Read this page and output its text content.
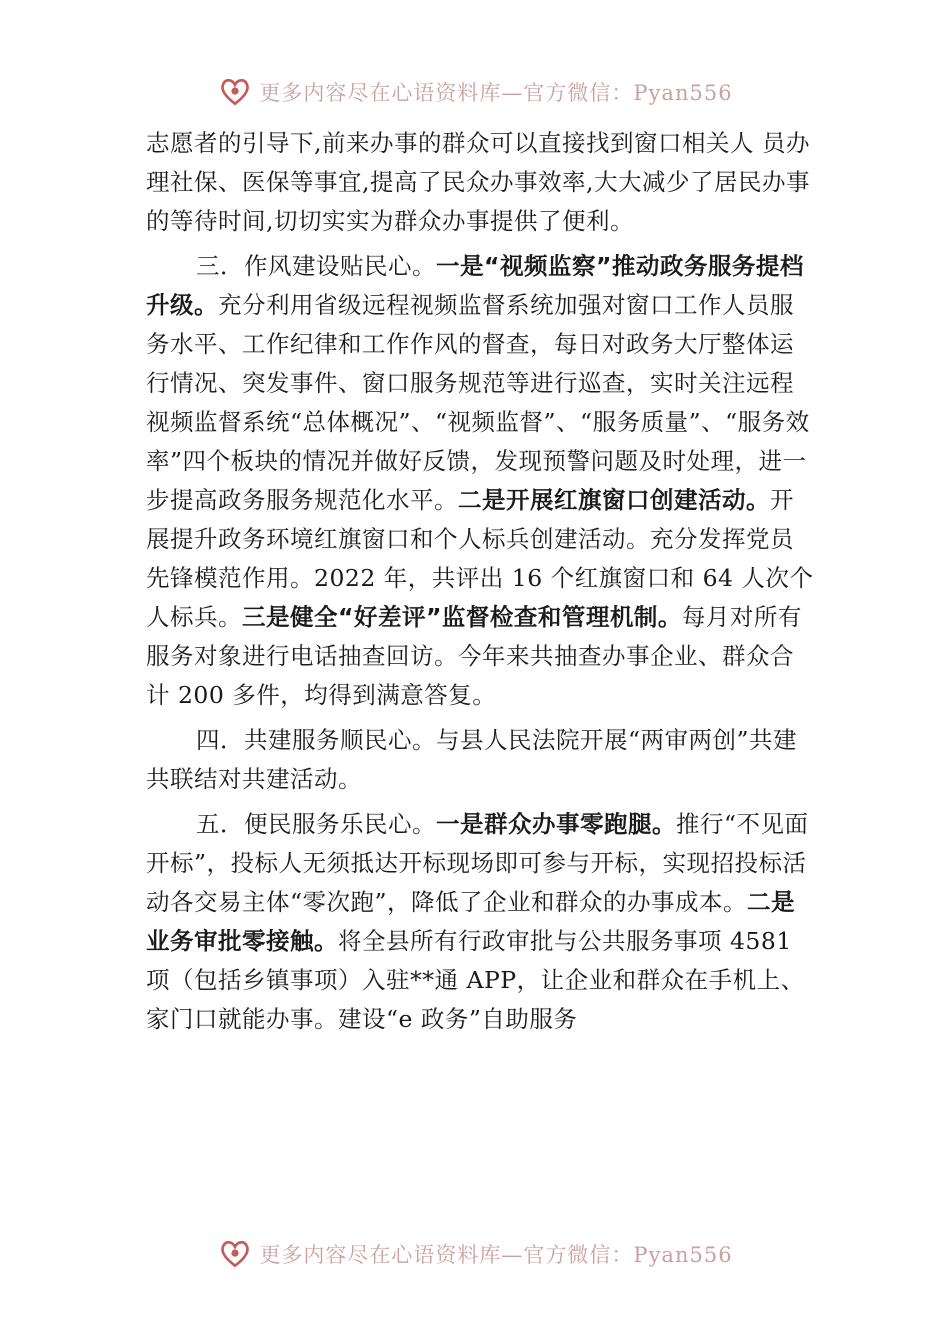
更多内容尽在心语资料库—官方微信：Pyan556

志愿者的引导下,前来办事的群众可以直接找到窗口相关人 员办理社保、医保等事宜,提高了民众办事效率,大大减少了居民办事的等待时间,切切实实为群众办事提供了便利。

三．作风建设贴民心。一是“视频监察”推动政务服务提档升级。充分利用省级远程视频监督系统加强对窗口工作人员服务水平、工作纪律和工作作风的督查，每日对政务大厅整体运行情况、突发事件、窗口服务规范等进行巡查，实时关注远程视频监督系统“总体概况”、“视频监督”、“服务质量”、“服务效率”四个板块的情况并做好反馈，发现预警问题及时处理，进一步提高政务服务规范化水平。二是开展红旗窗口创建活动。开展提升政务环境红旗窗口和个人标兵创建活动。充分发挥党员先锋模范作用。2022 年，共评出 16 个红旗窗口和 64 人次个人标兵。三是健全“好差评”监督检查和管理机制。每月对所有服务对象进行电话抽查回访。今年来共抽查办事企业、群众合计 200 多件，均得到满意答复。

四．共建服务顺民心。与县人民法院开展“两审两创”共建共联结对共建活动。

五．便民服务乐民心。一是群众办事零跑腿。推行“不见面开标”，投标人无须抵达开标现场即可参与开标，实现招投标活动各交易主体“零次跑”，降低了企业和群众的办事成本。二是业务审批零接触。将全县所有行政审批与公共服务事项 4581 项（包括乡镇事项）入驻**通 APP，让企业和群众在手机上、家门口就能办事。建设“e 政务”自助服务

更多内容尽在心语资料库—官方微信：Pyan556
